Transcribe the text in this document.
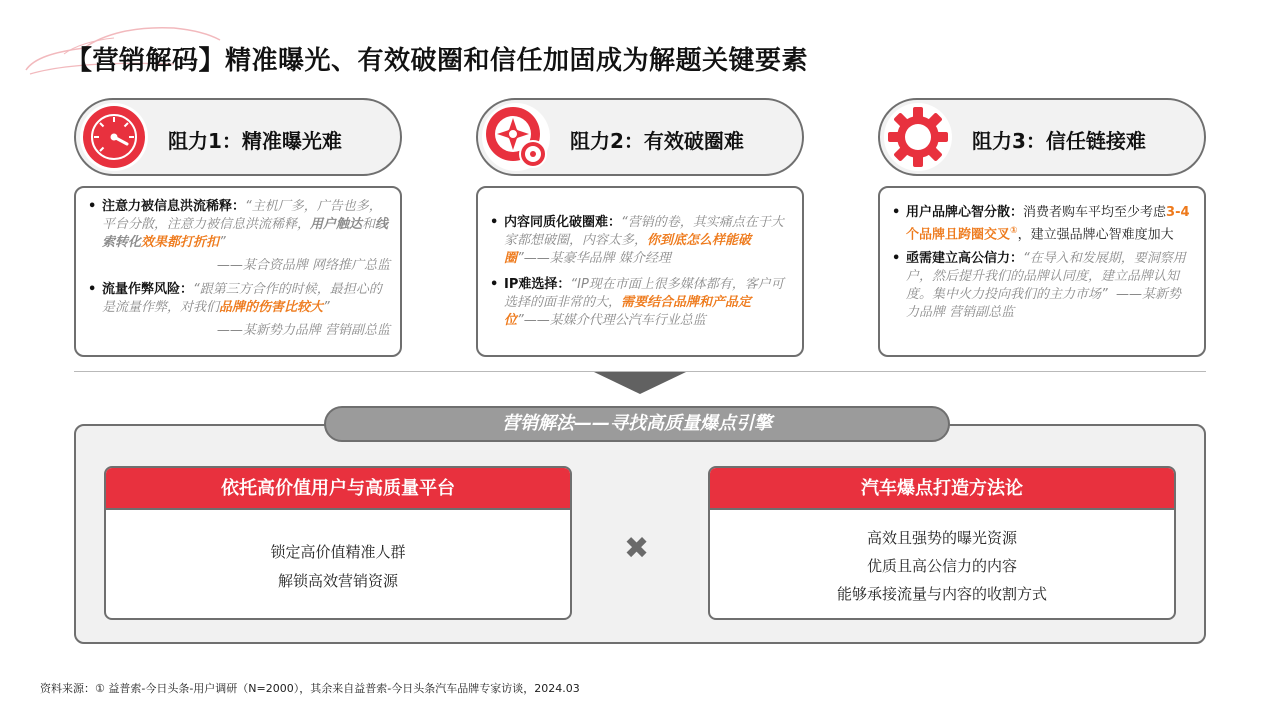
【营销解码】精准曝光、有效破圈和信任加固成为解题关键要素
阻力1：精准曝光难	阻力2：有效破圈难	阻力3：信任链接难
• 注意力被信息洪流稀释：“主机厂多，广告也多，平台分散，注意力被信息洪流稀释，用户触达和线索转化效果都打折扣”
——某合资品牌 网络推广总监
• 流量作弊风险：“跟第三方合作的时候，最担心的是流量作弊，对我们品牌的伤害比较大”
——某新势力品牌 营销副总监
• 内容同质化破圈难：“营销的卷，其实痛点在于大家都想破圈，内容太多，你到底怎么样能破圈”——某豪华品牌 媒介经理
• IP难选择：“IP现在市面上很多媒体都有，客户可选择的面非常的大，需要结合品牌和产品定位”——某媒介代理公汽车行业总监
• 用户品牌心智分散：消费者购车平均至少考虑3-4个品牌且跨圈交叉①，建立强品牌心智难度加大
• 亟需建立高公信力：“在导入和发展期，要洞察用户，然后提升我们的品牌认同度，建立品牌认知度。集中火力投向我们的主力市场” ——某新势力品牌 营销副总监
营销解法——寻找高质量爆点引擎
依托高价值用户与高质量平台
锁定高价值精准人群
解锁高效营销资源
✖
汽车爆点打造方法论
高效且强势的曝光资源
优质且高公信力的内容
能够承接流量与内容的收割方式
资料来源：① 益普索-今日头条-用户调研（N=2000），其余来自益普索-今日头条汽车品牌专家访谈，2024.03
